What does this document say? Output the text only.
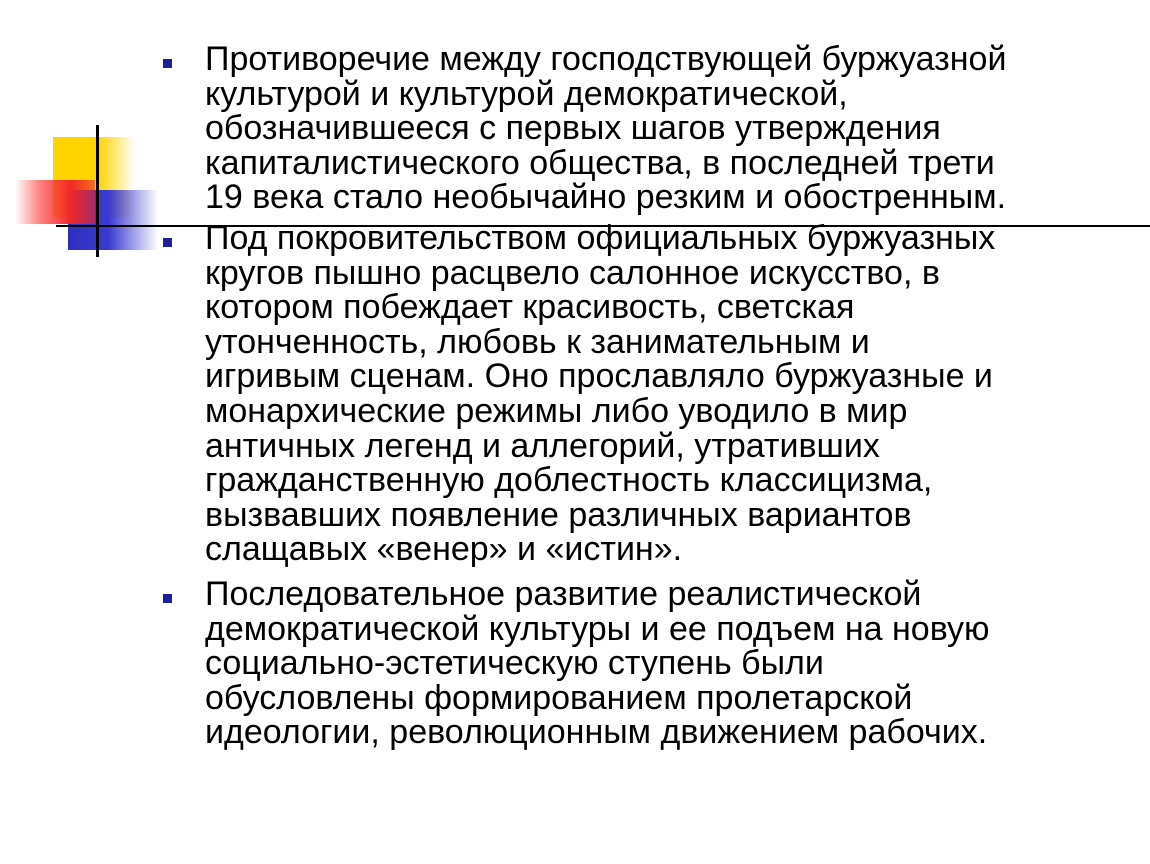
Противоречие между господствующей буржуазной
культурой и культурой демократической,
обозначившееся с первых шагов утверждения
капиталистического общества, в последней трети
19 века стало необычайно резким и обостренным.
Под покровительством официальных буржуазных
кругов пышно расцвело салонное искусство, в
котором побеждает красивость, светская
утонченность, любовь к занимательным и
игривым сценам. Оно прославляло буржуазные и
монархические режимы либо уводило в мир
античных легенд и аллегорий, утративших
гражданственную доблестность классицизма,
вызвавших появление различных вариантов
слащавых «венер» и «истин».
Последовательное развитие реалистической
демократической культуры и ее подъем на новую
социально-эстетическую ступень были
обусловлены формированием пролетарской
идеологии, революционным движением рабочих.
